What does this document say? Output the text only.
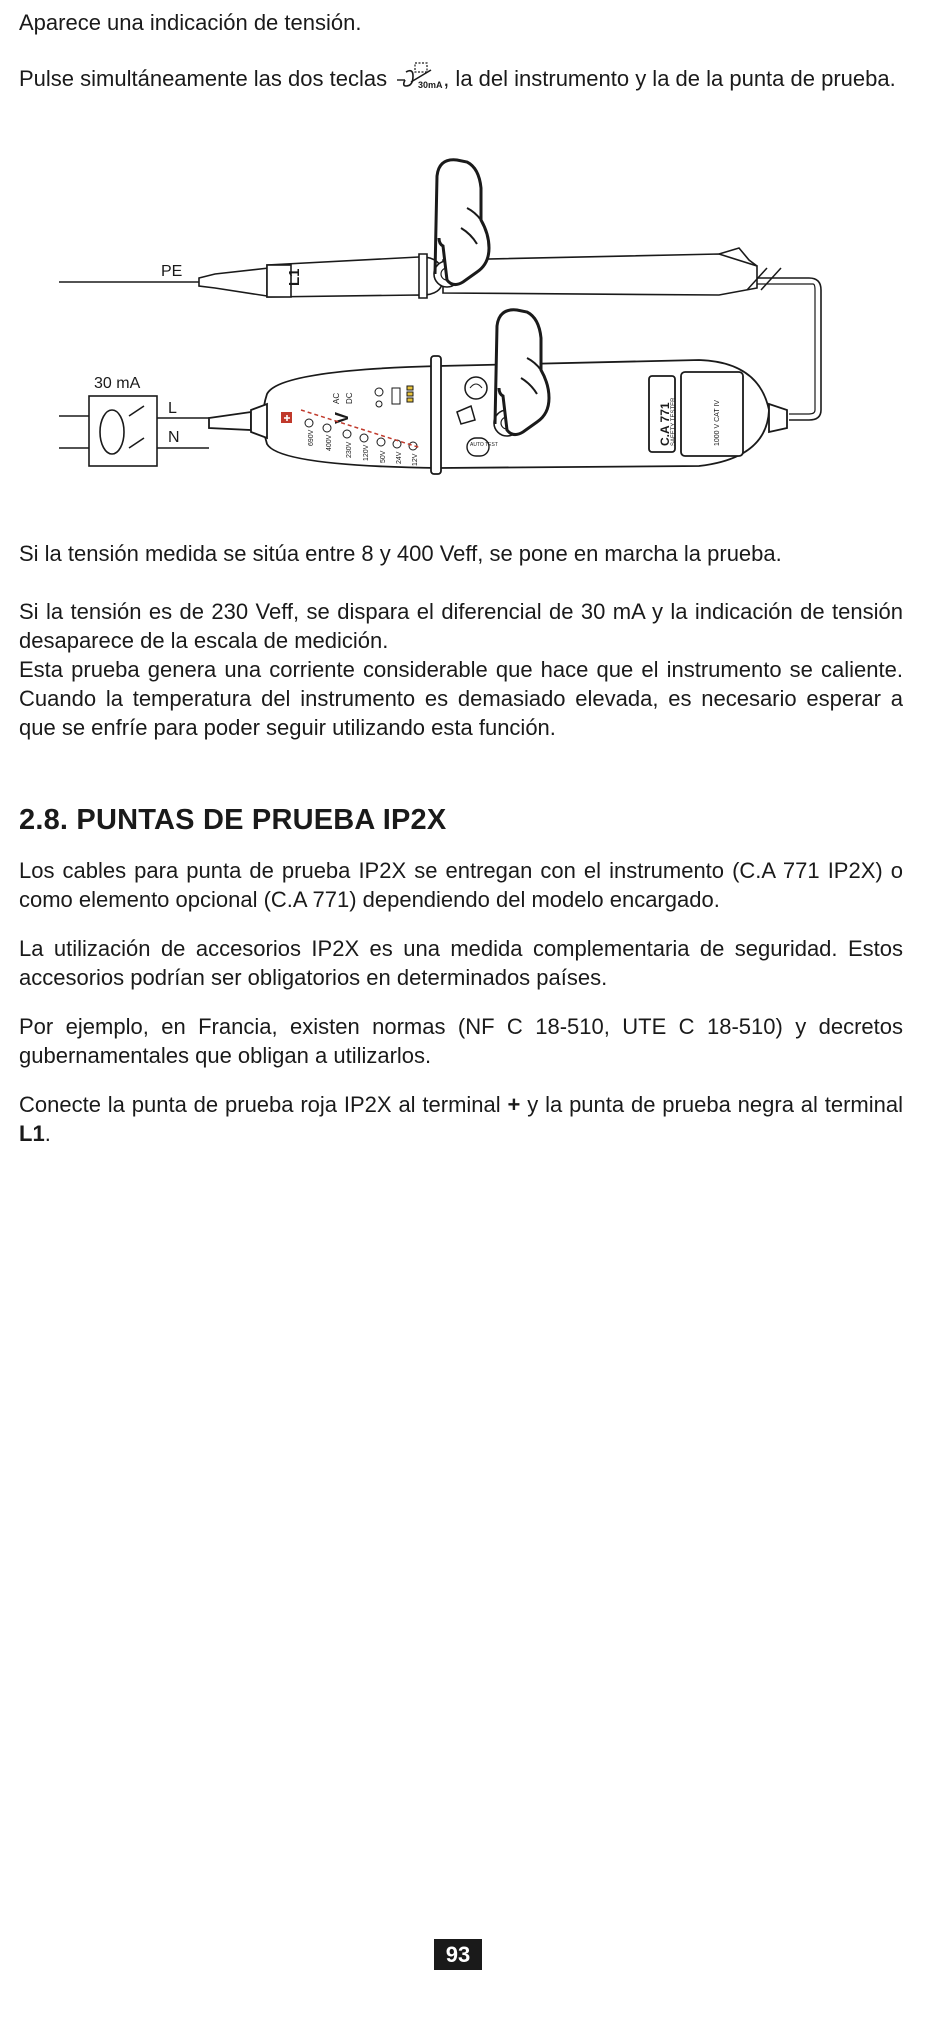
Aparece una indicación de tensión.

Pulse simultáneamente las dos teclas	30mA , la del instrumento y la de la punta de prueba.

PE	L1
30 mA
L
N	C.A 771 SAFETY TESTER	1000 V CAT IV
V
AC DC
690V 400V 230V 120V 50V 24V 12V
AUTO TEST

Si la tensión medida se sitúa entre 8 y 400 Veff, se pone en marcha la prueba.

Si la tensión es de 230 Veff, se dispara el diferencial de 30 mA y la indicación de tensión desaparece de la escala de medición.

Esta prueba genera una corriente considerable que hace que el instrumento se caliente. Cuando la temperatura del instrumento es demasiado elevada, es necesario esperar a que se enfríe para poder seguir utilizando esta función.

2.8. PUNTAS DE PRUEBA IP2X

Los cables para punta de prueba IP2X se entregan con el instrumento (C.A 771 IP2X) o como elemento opcional (C.A 771) dependiendo del modelo encargado.

La utilización de accesorios IP2X es una medida complementaria de seguridad. Estos accesorios podrían ser obligatorios en determinados países.

Por ejemplo, en Francia, existen normas (NF C 18-510, UTE C 18-510) y decretos gubernamentales que obligan a utilizarlos.

Conecte la punta de prueba roja IP2X al terminal + y la punta de prueba negra al terminal L1.

93
